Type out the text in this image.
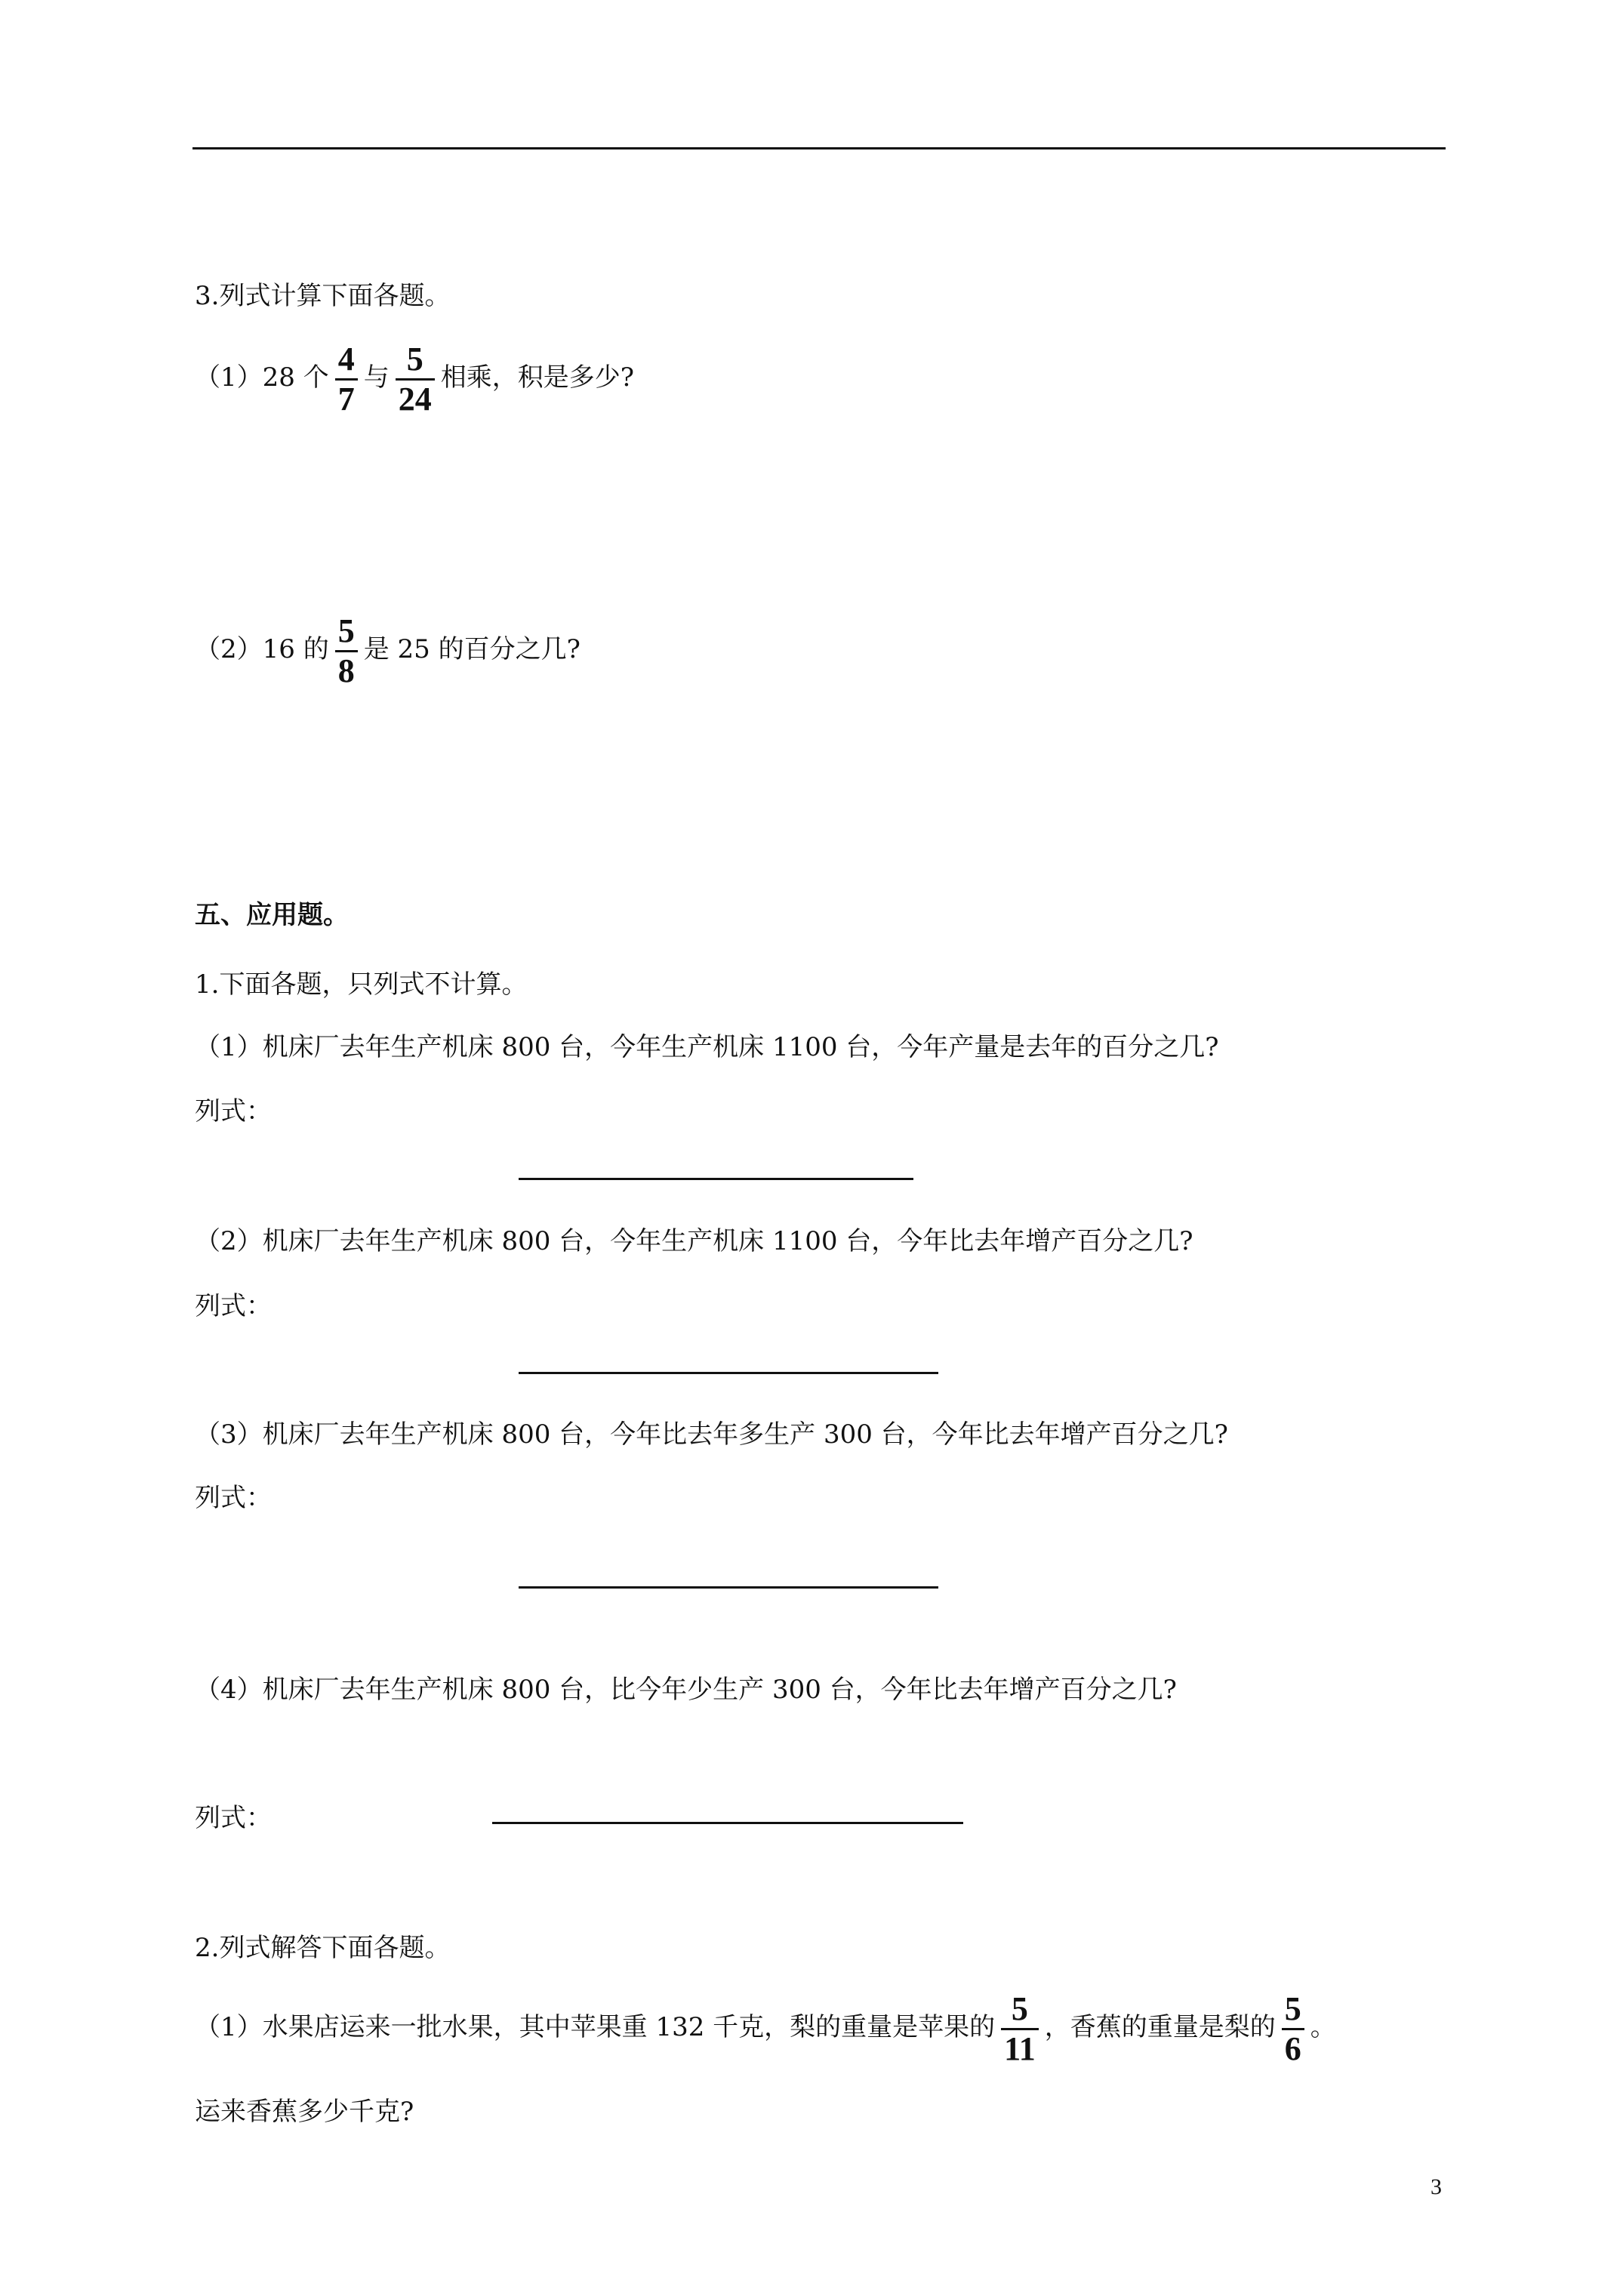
3.列式计算下面各题。
（1）28 个 $\frac{4}{7}$ 与 $\frac{5}{24}$ 相乘，积是多少?
（2）16 的 $\frac{5}{8}$ 是 25 的百分之几?
五、应用题。
1.下面各题，只列式不计算。
（1）机床厂去年生产机床 800 台，今年生产机床 1100 台，今年产量是去年的百分之几?
列式：
（2）机床厂去年生产机床 800 台，今年生产机床 1100 台，今年比去年增产百分之几?
列式：
（3）机床厂去年生产机床 800 台，今年比去年多生产 300 台，今年比去年增产百分之几?
列式：
（4）机床厂去年生产机床 800 台，比今年少生产 300 台，今年比去年增产百分之几?
列式：
2.列式解答下面各题。
（1）水果店运来一批水果，其中苹果重 132 千克，梨的重量是苹果的 $\frac{5}{11}$ ，香蕉的重量是梨的 $\frac{5}{6}$ 。
运来香蕉多少千克?
3
